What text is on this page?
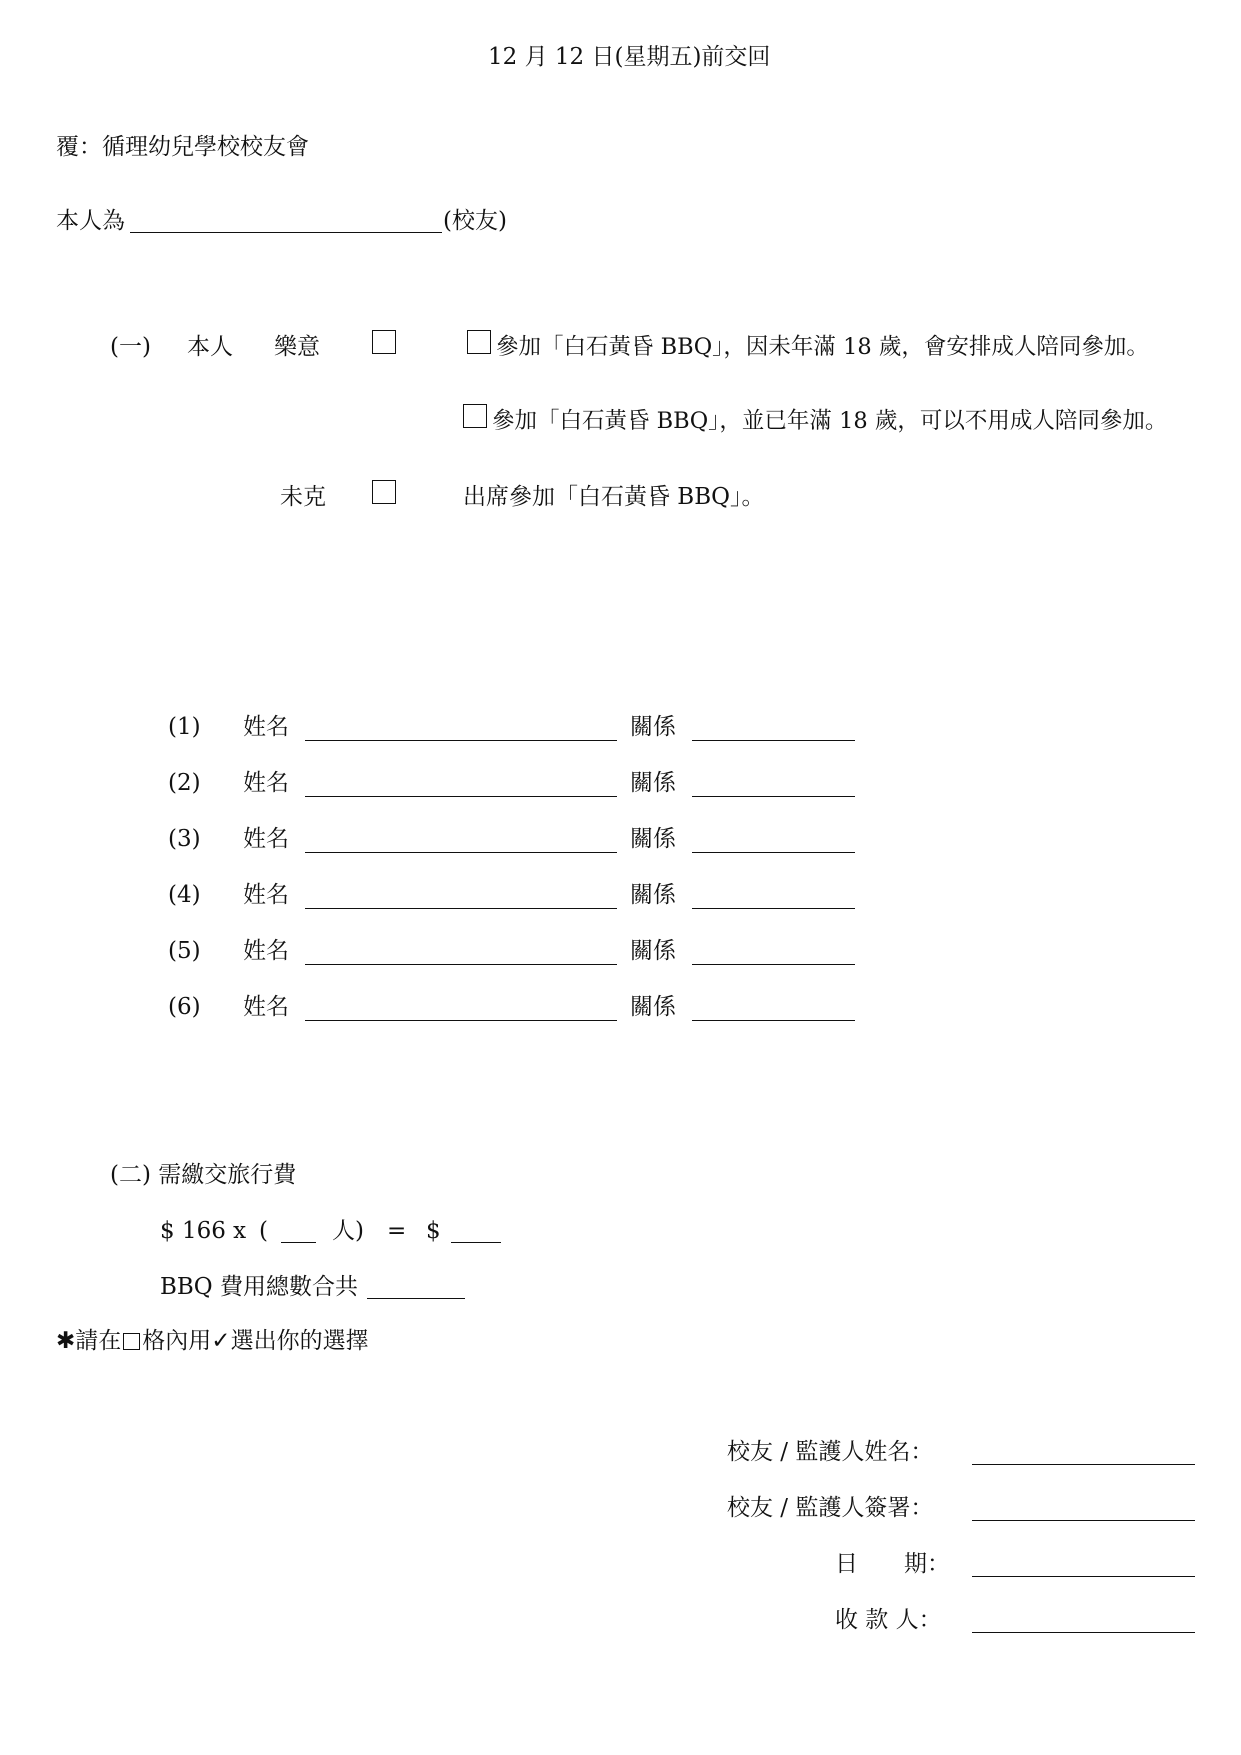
12 月 12 日(星期五)前交回
覆：循理幼兒學校校友會
本人為	(校友)
(一) 本人 樂意	參加「白石黃昏 BBQ」，因未年滿 18 歲，會安排成人陪同參加。
參加「白石黃昏 BBQ」，並已年滿 18 歲，可以不用成人陪同參加。
未克	出席參加「白石黃昏 BBQ」。
(1) 姓名	關係
(2) 姓名	關係
(3) 姓名	關係
(4) 姓名	關係
(5) 姓名	關係
(6) 姓名	關係
(二) 需繳交旅行費
$ 166 x (	人) = $
BBQ 費用總數合共
✱請在 格內用✓選出你的選擇
校友 / 監護人姓名：
校友 / 監護人簽署：
日　　期：
收 款 人：
